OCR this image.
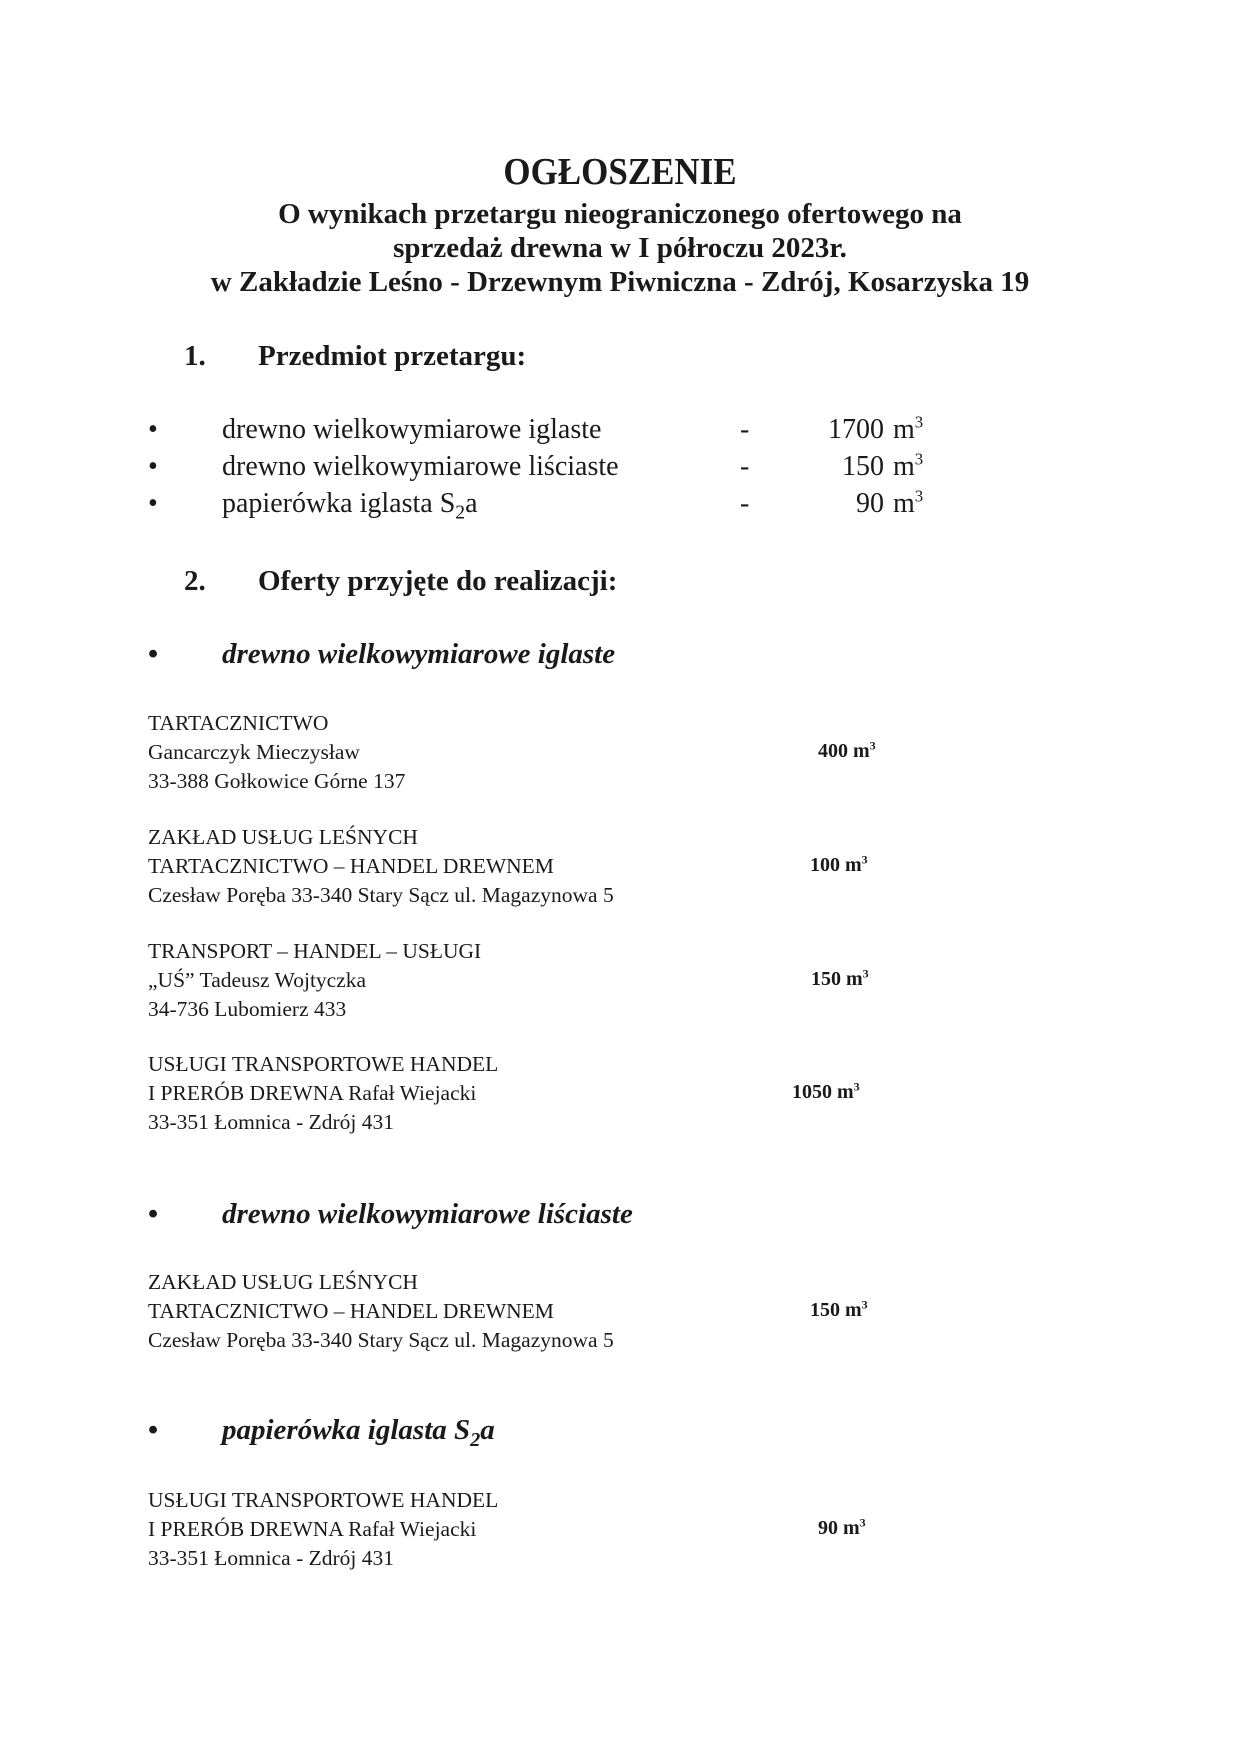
OGŁOSZENIE
O wynikach przetargu nieograniczonego ofertowego na
sprzedaż drewna w I półroczu 2023r.
w Zakładzie Leśno - Drzewnym Piwniczna - Zdrój, Kosarzyska 19
1. Przedmiot przetargu:
• drewno wielkowymiarowe iglaste	-	1700 $m^3$
• drewno wielkowymiarowe liściaste	-	150 $m^3$
• papierówka iglasta $S_2a$	-	90 $m^3$
2. Oferty przyjęte do realizacji:
• drewno wielkowymiarowe iglaste
TARTACZNICTWO
Gancarczyk Mieczysław
33-388 Gołkowice Górne 137
400 $m^3$
ZAKŁAD USŁUG LEŚNYCH
TARTACZNICTWO – HANDEL DREWNEM
Czesław Poręba 33-340 Stary Sącz ul. Magazynowa 5
100 $m^3$
TRANSPORT – HANDEL – USŁUGI
„UŚ” Tadeusz Wojtyczka
34-736 Lubomierz 433
150 $m^3$
USŁUGI TRANSPORTOWE HANDEL
I PRERÓB DREWNA Rafał Wiejacki
33-351 Łomnica - Zdrój 431
1050 $m^3$
• drewno wielkowymiarowe liściaste
ZAKŁAD USŁUG LEŚNYCH
TARTACZNICTWO – HANDEL DREWNEM
Czesław Poręba 33-340 Stary Sącz ul. Magazynowa 5
150 $m^3$
• papierówka iglasta $S_2a$
USŁUGI TRANSPORTOWE HANDEL
I PRERÓB DREWNA Rafał Wiejacki
33-351 Łomnica - Zdrój 431
90 $m^3$
